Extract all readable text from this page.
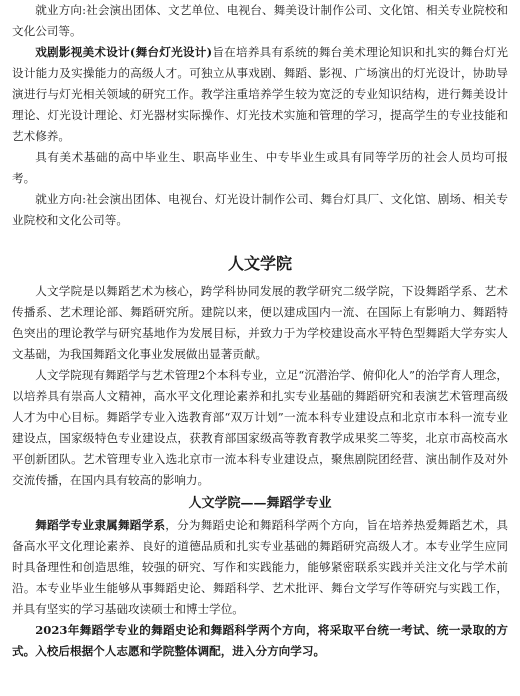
就业方向:社会演出团体、文艺单位、电视台、舞美设计制作公司、文化馆、相关专业院校和文化公司等。

戏剧影视美术设计(舞台灯光设计)旨在培养具有系统的舞台美术理论知识和扎实的舞台灯光设计能力及实操能力的高级人才。可独立从事戏剧、舞蹈、影视、广场演出的灯光设计，协助导演进行与灯光相关领域的研究工作。教学注重培养学生较为宽泛的专业知识结构，进行舞美设计理论、灯光设计理论、灯光器材实际操作、灯光技术实施和管理的学习，提高学生的专业技能和艺术修养。

具有美术基础的高中毕业生、职高毕业生、中专毕业生或具有同等学历的社会人员均可报考。

就业方向:社会演出团体、电视台、灯光设计制作公司、舞台灯具厂、文化馆、剧场、相关专业院校和文化公司等。

人文学院

人文学院是以舞蹈艺术为核心，跨学科协同发展的教学研究二级学院，下设舞蹈学系、艺术传播系、艺术理论部、舞蹈研究所。建院以来，便以建成国内一流、在国际上有影响力、舞蹈特色突出的理论教学与研究基地作为发展目标，并致力于为学校建设高水平特色型舞蹈大学夯实人文基础，为我国舞蹈文化事业发展做出显著贡献。

人文学院现有舞蹈学与艺术管理2个本科专业，立足“沉潜治学、俯仰化人”的治学育人理念，以培养具有崇高人文精神，高水平文化理论素养和扎实专业基础的舞蹈研究和表演艺术管理高级人才为中心目标。舞蹈学专业入选教育部“双万计划”一流本科专业建设点和北京市本科一流专业建设点，国家级特色专业建设点，获教育部国家级高等教育教学成果奖二等奖，北京市高校高水平创新团队。艺术管理专业入选北京市一流本科专业建设点，聚焦剧院团经营、演出制作及对外交流传播，在国内具有较高的影响力。

人文学院——舞蹈学专业

舞蹈学专业隶属舞蹈学系，分为舞蹈史论和舞蹈科学两个方向，旨在培养热爱舞蹈艺术，具备高水平文化理论素养、良好的道德品质和扎实专业基础的舞蹈研究高级人才。本专业学生应同时具备理性和创造思维，较强的研究、写作和实践能力，能够紧密联系实践并关注文化与学术前沿。本专业毕业生能够从事舞蹈史论、舞蹈科学、艺术批评、舞台文学写作等研究与实践工作，并具有坚实的学习基础攻读硕士和博士学位。

2023年舞蹈学专业的舞蹈史论和舞蹈科学两个方向，将采取平台统一考试、统一录取的方式。入校后根据个人志愿和学院整体调配，进入分方向学习。
